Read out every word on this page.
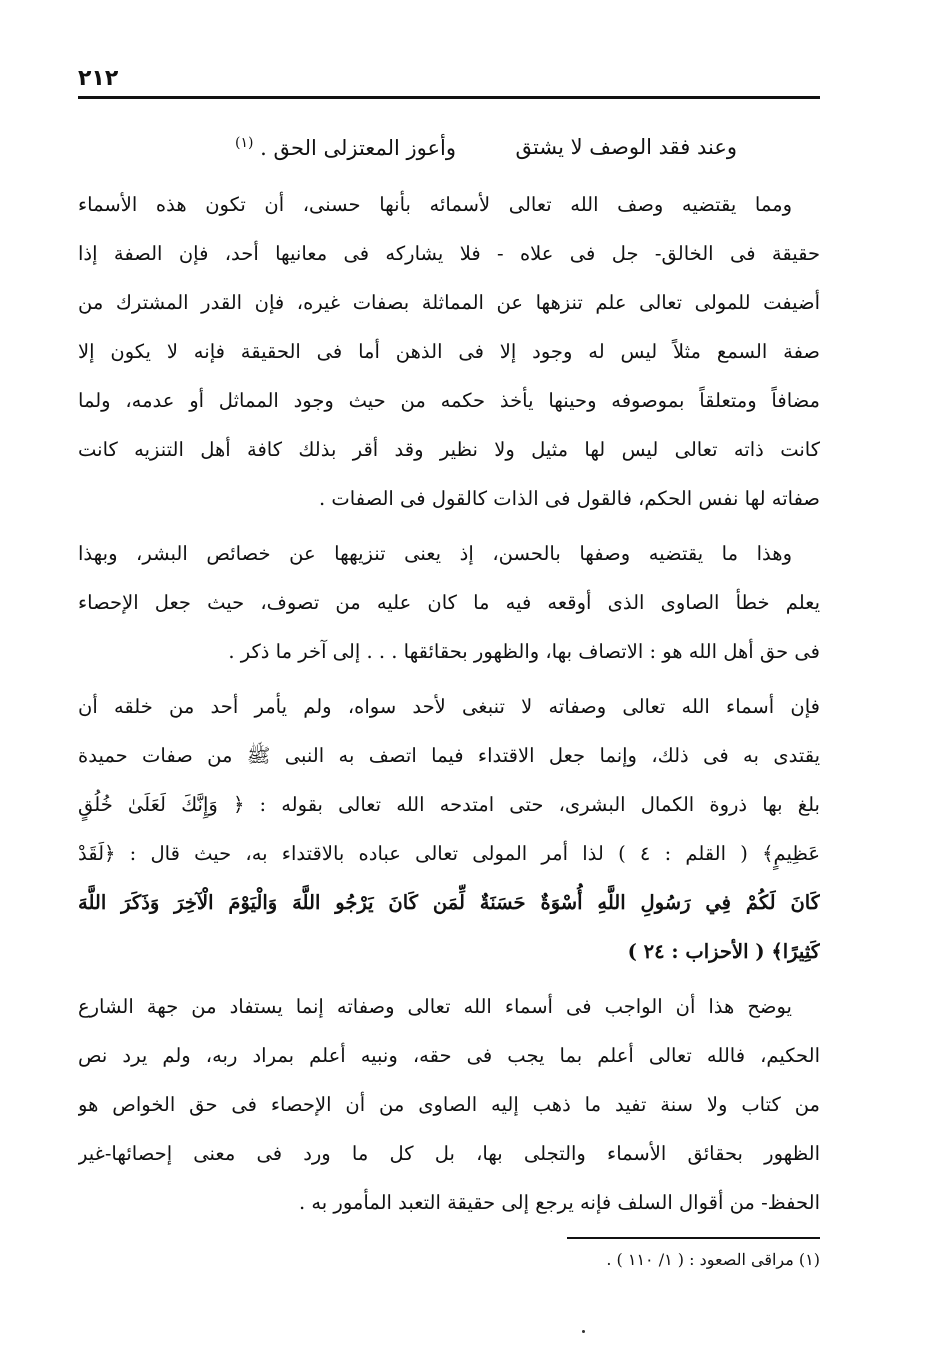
٢١٢
وعند فقد الوصف لا يشتق
وأعوز المعتزلى الحق . $^{(١)}$
ومما يقتضيه وصف الله تعالى لأسمائه بأنها حسنى، أن تكون هذه الأسماء
حقيقة فى الخالق- جل فى علاه - فلا يشاركه فى معانيها أحد، فإن الصفة إذا
أضيفت للمولى تعالى علم تنزهها عن المماثلة بصفات غيره، فإن القدر المشترك من
صفة السمع مثلاً ليس له وجود إلا فى الذهن أما فى الحقيقة فإنه لا يكون إلا
مضافاً ومتعلقاً بموصوفه وحينها يأخذ حكمه من حيث وجود المماثل أو عدمه، ولما
كانت ذاته تعالى ليس لها مثيل ولا نظير وقد أقر بذلك كافة أهل التنزيه كانت
صفاته لها نفس الحكم، فالقول فى الذات كالقول فى الصفات .
وهذا ما يقتضيه وصفها بالحسن، إذ يعنى تنزيهها عن خصائص البشر، وبهذا
يعلم خطأ الصاوى الذى أوقعه فيه ما كان عليه من تصوف، حيث جعل الإحصاء
فى حق أهل الله هو : الاتصاف بها، والظهور بحقائقها . . . إلى آخر ما ذكر .
فإن أسماء الله تعالى وصفاته لا تنبغى لأحد سواه، ولم يأمر أحد من خلقه أن
يقتدى به فى ذلك، وإنما جعل الاقتداء فيما اتصف به النبى ﷺ من صفات حميدة
بلغ بها ذروة الكمال البشرى، حتى امتدحه الله تعالى بقوله : ﴿ وَإِنَّكَ لَعَلَىٰ خُلُقٍ
عَظِيمٍ﴾ ( القلم : ٤ ) لذا أمر المولى تعالى عباده بالاقتداء به، حيث قال : ﴿لَقَدْ
كَانَ لَكُمْ فِي رَسُولِ اللَّهِ أُسْوَةٌ حَسَنَةٌ لِّمَن كَانَ يَرْجُو اللَّهَ وَالْيَوْمَ الْآخِرَ وَذَكَرَ اللَّهَ
كَثِيرًا﴾ ( الأحزاب : ٢٤ )
يوضح هذا أن الواجب فى أسماء الله تعالى وصفاته إنما يستفاد من جهة الشارع
الحكيم، فالله تعالى أعلم بما يجب فى حقه، ونبيه أعلم بمراد ربه، ولم يرد نص
من كتاب ولا سنة تفيد ما ذهب إليه الصاوى من أن الإحصاء فى حق الخواص هو
الظهور بحقائق الأسماء والتجلى بها، بل كل ما ورد فى معنى إحصائها-غير
الحفظ- من أقوال السلف فإنه يرجع إلى حقيقة التعبد المأمور به .
(١) مراقى الصعود : ( ١/ ١١٠ ) .
